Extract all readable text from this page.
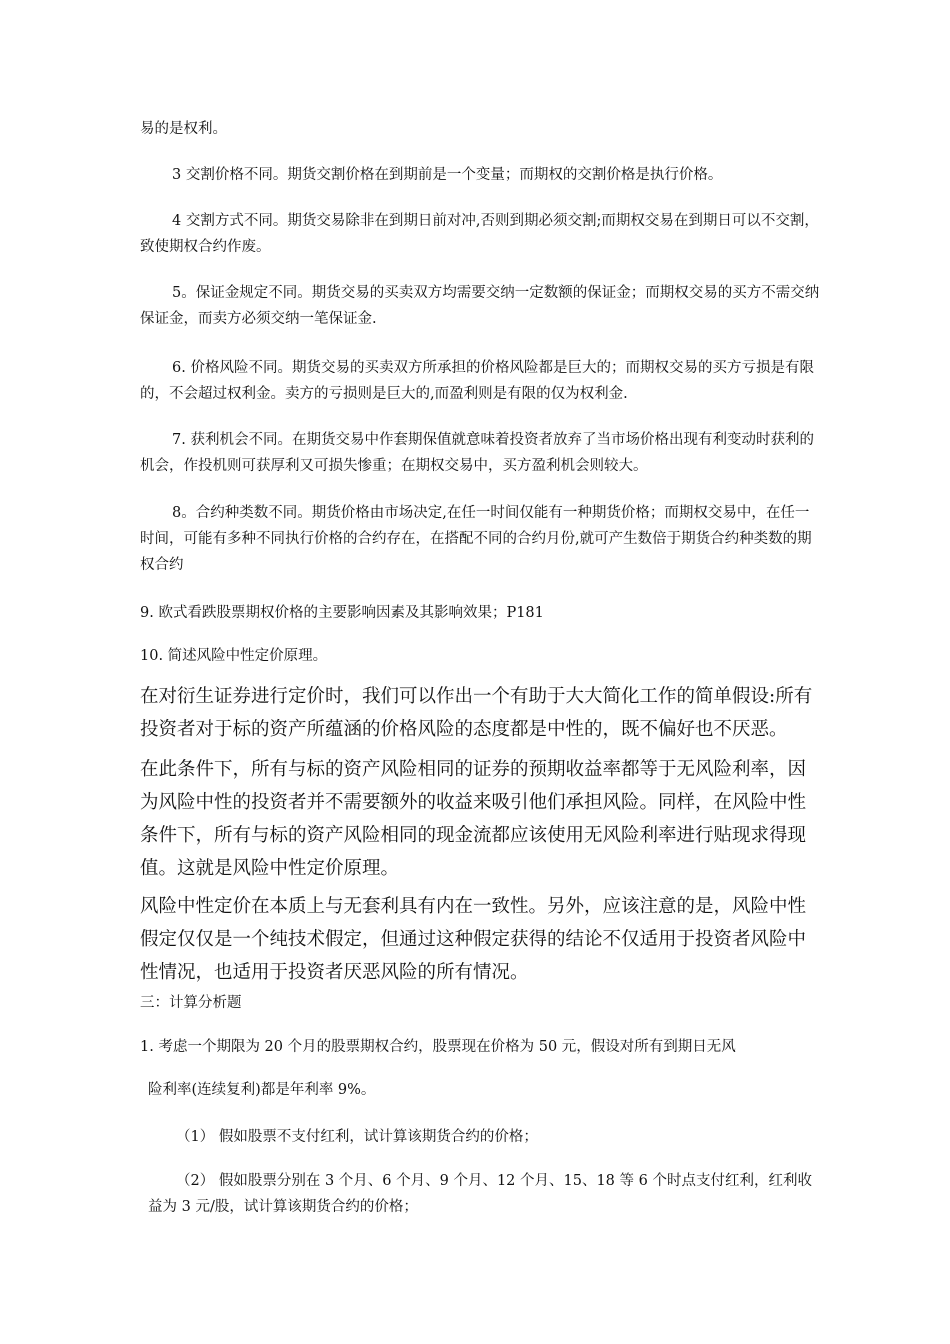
易的是权利。

3 交割价格不同。期货交割价格在到期前是一个变量；而期权的交割价格是执行价格。

4 交割方式不同。期货交易除非在到期日前对冲,否则到期必须交割;而期权交易在到期日可以不交割，致使期权合约作废。

5。保证金规定不同。期货交易的买卖双方均需要交纳一定数额的保证金；而期权交易的买方不需交纳保证金，而卖方必须交纳一笔保证金.

6. 价格风险不同。期货交易的买卖双方所承担的价格风险都是巨大的；而期权交易的买方亏损是有限的，不会超过权利金。卖方的亏损则是巨大的,而盈利则是有限的仅为权利金.

7. 获利机会不同。在期货交易中作套期保值就意味着投资者放弃了当市场价格出现有利变动时获利的机会，作投机则可获厚利又可损失惨重；在期权交易中，买方盈利机会则较大。

8。合约种类数不同。期货价格由市场决定,在任一时间仅能有一种期货价格；而期权交易中，在任一时间，可能有多种不同执行价格的合约存在，在搭配不同的合约月份,就可产生数倍于期货合约种类数的期权合约

9. 欧式看跌股票期权价格的主要影响因素及其影响效果；P181

10. 简述风险中性定价原理。

在对衍生证券进行定价时，我们可以作出一个有助于大大简化工作的简单假设:所有投资者对于标的资产所蕴涵的价格风险的态度都是中性的，既不偏好也不厌恶。

在此条件下，所有与标的资产风险相同的证券的预期收益率都等于无风险利率，因为风险中性的投资者并不需要额外的收益来吸引他们承担风险。同样，在风险中性条件下，所有与标的资产风险相同的现金流都应该使用无风险利率进行贴现求得现值。这就是风险中性定价原理。

风险中性定价在本质上与无套利具有内在一致性。另外，应该注意的是，风险中性假定仅仅是一个纯技术假定，但通过这种假定获得的结论不仅适用于投资者风险中性情况，也适用于投资者厌恶风险的所有情况。

三：计算分析题

1. 考虑一个期限为 20 个月的股票期权合约，股票现在价格为 50 元，假设对所有到期日无风

险利率(连续复利)都是年利率 9%。

（1） 假如股票不支付红利，试计算该期货合约的价格；

（2） 假如股票分别在 3 个月、6 个月、9 个月、12 个月、15、18 等 6 个时点支付红利，红利收益为 3 元/股，试计算该期货合约的价格；
